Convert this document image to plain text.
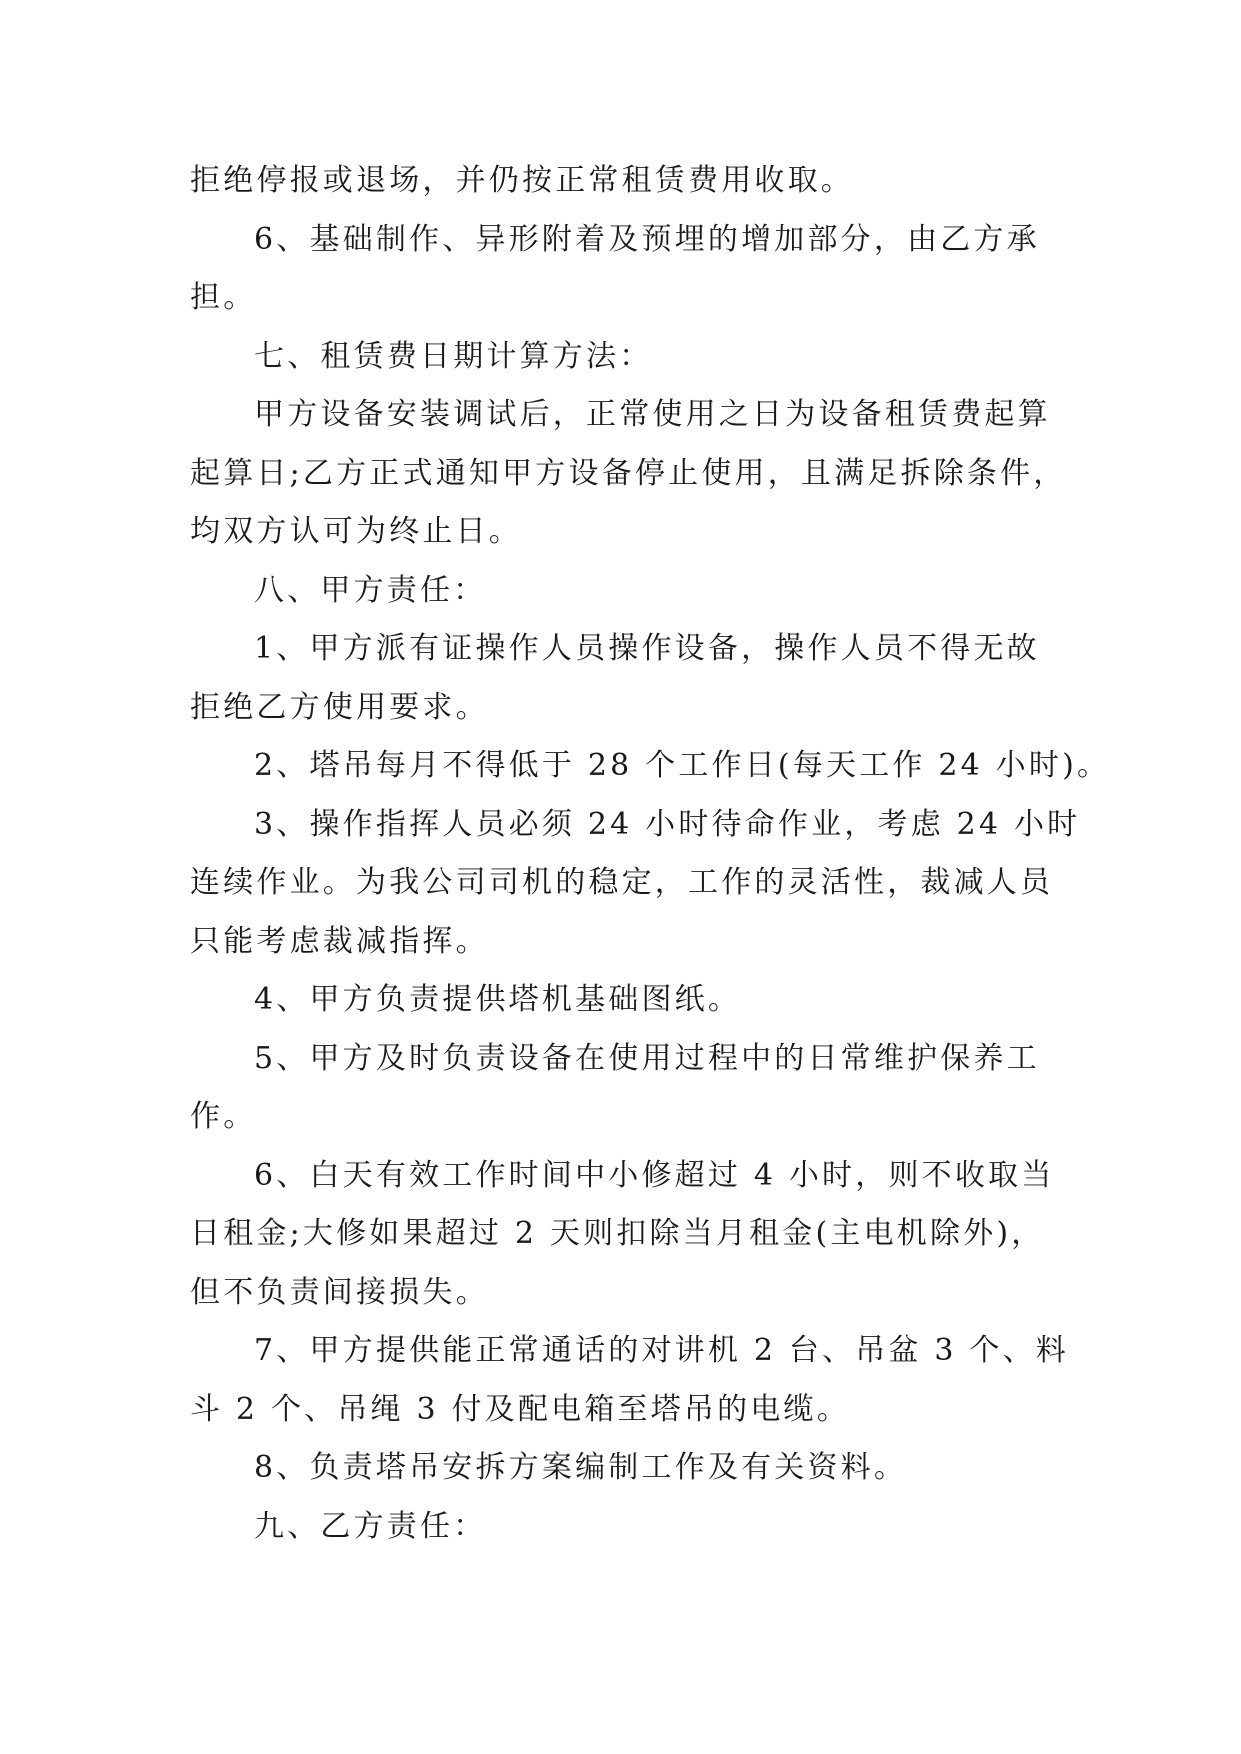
拒绝停报或退场，并仍按正常租赁费用收取。

6、基础制作、异形附着及预埋的增加部分，由乙方承
担。

七、租赁费日期计算方法：

甲方设备安装调试后，正常使用之日为设备租赁费起算
起算日;乙方正式通知甲方设备停止使用，且满足拆除条件，
均双方认可为终止日。

八、甲方责任：

1、甲方派有证操作人员操作设备，操作人员不得无故
拒绝乙方使用要求。

2、塔吊每月不得低于 28 个工作日(每天工作 24 小时)。

3、操作指挥人员必须 24 小时待命作业，考虑 24 小时
连续作业。为我公司司机的稳定，工作的灵活性，裁减人员
只能考虑裁减指挥。

4、甲方负责提供塔机基础图纸。

5、甲方及时负责设备在使用过程中的日常维护保养工
作。

6、白天有效工作时间中小修超过 4 小时，则不收取当
日租金;大修如果超过 2 天则扣除当月租金(主电机除外)，
但不负责间接损失。

7、甲方提供能正常通话的对讲机 2 台、吊盆 3 个、料
斗 2 个、吊绳 3 付及配电箱至塔吊的电缆。

8、负责塔吊安拆方案编制工作及有关资料。

九、乙方责任：
